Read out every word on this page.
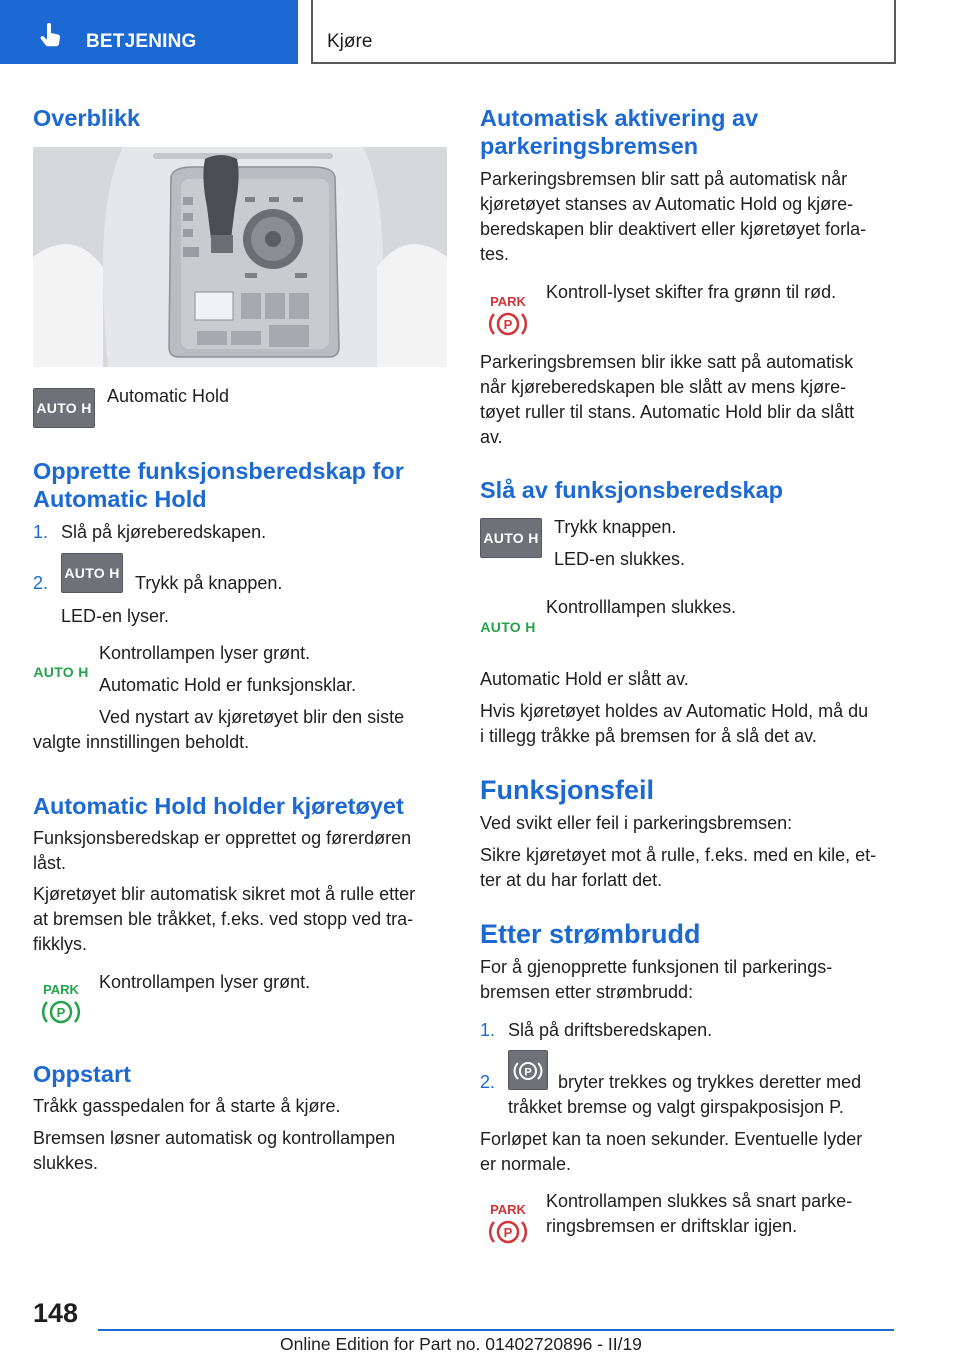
BETJENING	Kjøre
Overblikk
AUTO H

Automatic Hold

Opprette funksjonsberedskap for Automatic Hold

1. Slå på kjøreberedskapen.

2. AUTO H Trykk på knappen.

LED-en lyser.

AUTO H

Kontrollampen lyser grønt.

Automatic Hold er funksjonsklar.

Ved nystart av kjøretøyet blir den siste

valgte innstillingen beholdt.

Automatic Hold holder kjøretøyet

Funksjonsberedskap er opprettet og førerdøren

låst.

Kjøretøyet blir automatisk sikret mot å rulle etter

at bremsen ble tråkket, f.eks. ved stopp ved tra-

fikklys.

PARK
P

Kontrollampen lyser grønt.

Oppstart

Tråkk gasspedalen for å starte å kjøre.

Bremsen løsner automatisk og kontrollampen

slukkes.

Automatisk aktivering av
parkeringsbremsen

Parkeringsbremsen blir satt på automatisk når

kjøretøyet stanses av Automatic Hold og kjøre-

beredskapen blir deaktivert eller kjøretøyet forla-

tes.

PARK
P

Kontroll-lyset skifter fra grønn til rød.

Parkeringsbremsen blir ikke satt på automatisk

når kjøreberedskapen ble slått av mens kjøre-

tøyet ruller til stans. Automatic Hold blir da slått

av.

Slå av funksjonsberedskap
AUTO H

Trykk knappen.

LED-en slukkes.

AUTO H

Kontrolllampen slukkes.

Automatic Hold er slått av.

Hvis kjøretøyet holdes av Automatic Hold, må du

i tillegg tråkke på bremsen for å slå det av.

Funksjonsfeil

Ved svikt eller feil i parkeringsbremsen:

Sikre kjøretøyet mot å rulle, f.eks. med en kile, et-

ter at du har forlatt det.

Etter strømbrudd

For å gjenopprette funksjonen til parkerings-

bremsen etter strømbrudd:

1. Slå på driftsberedskapen.

2.	P bryter trekkes og trykkes deretter med

tråkket bremse og valgt girspakposisjon P.

Forløpet kan ta noen sekunder. Eventuelle lyder

er normale.

PARK
P

Kontrollampen slukkes så snart parke-

ringsbremsen er driftsklar igjen.

148
Online Edition for Part no. 01402720896 - II/19
